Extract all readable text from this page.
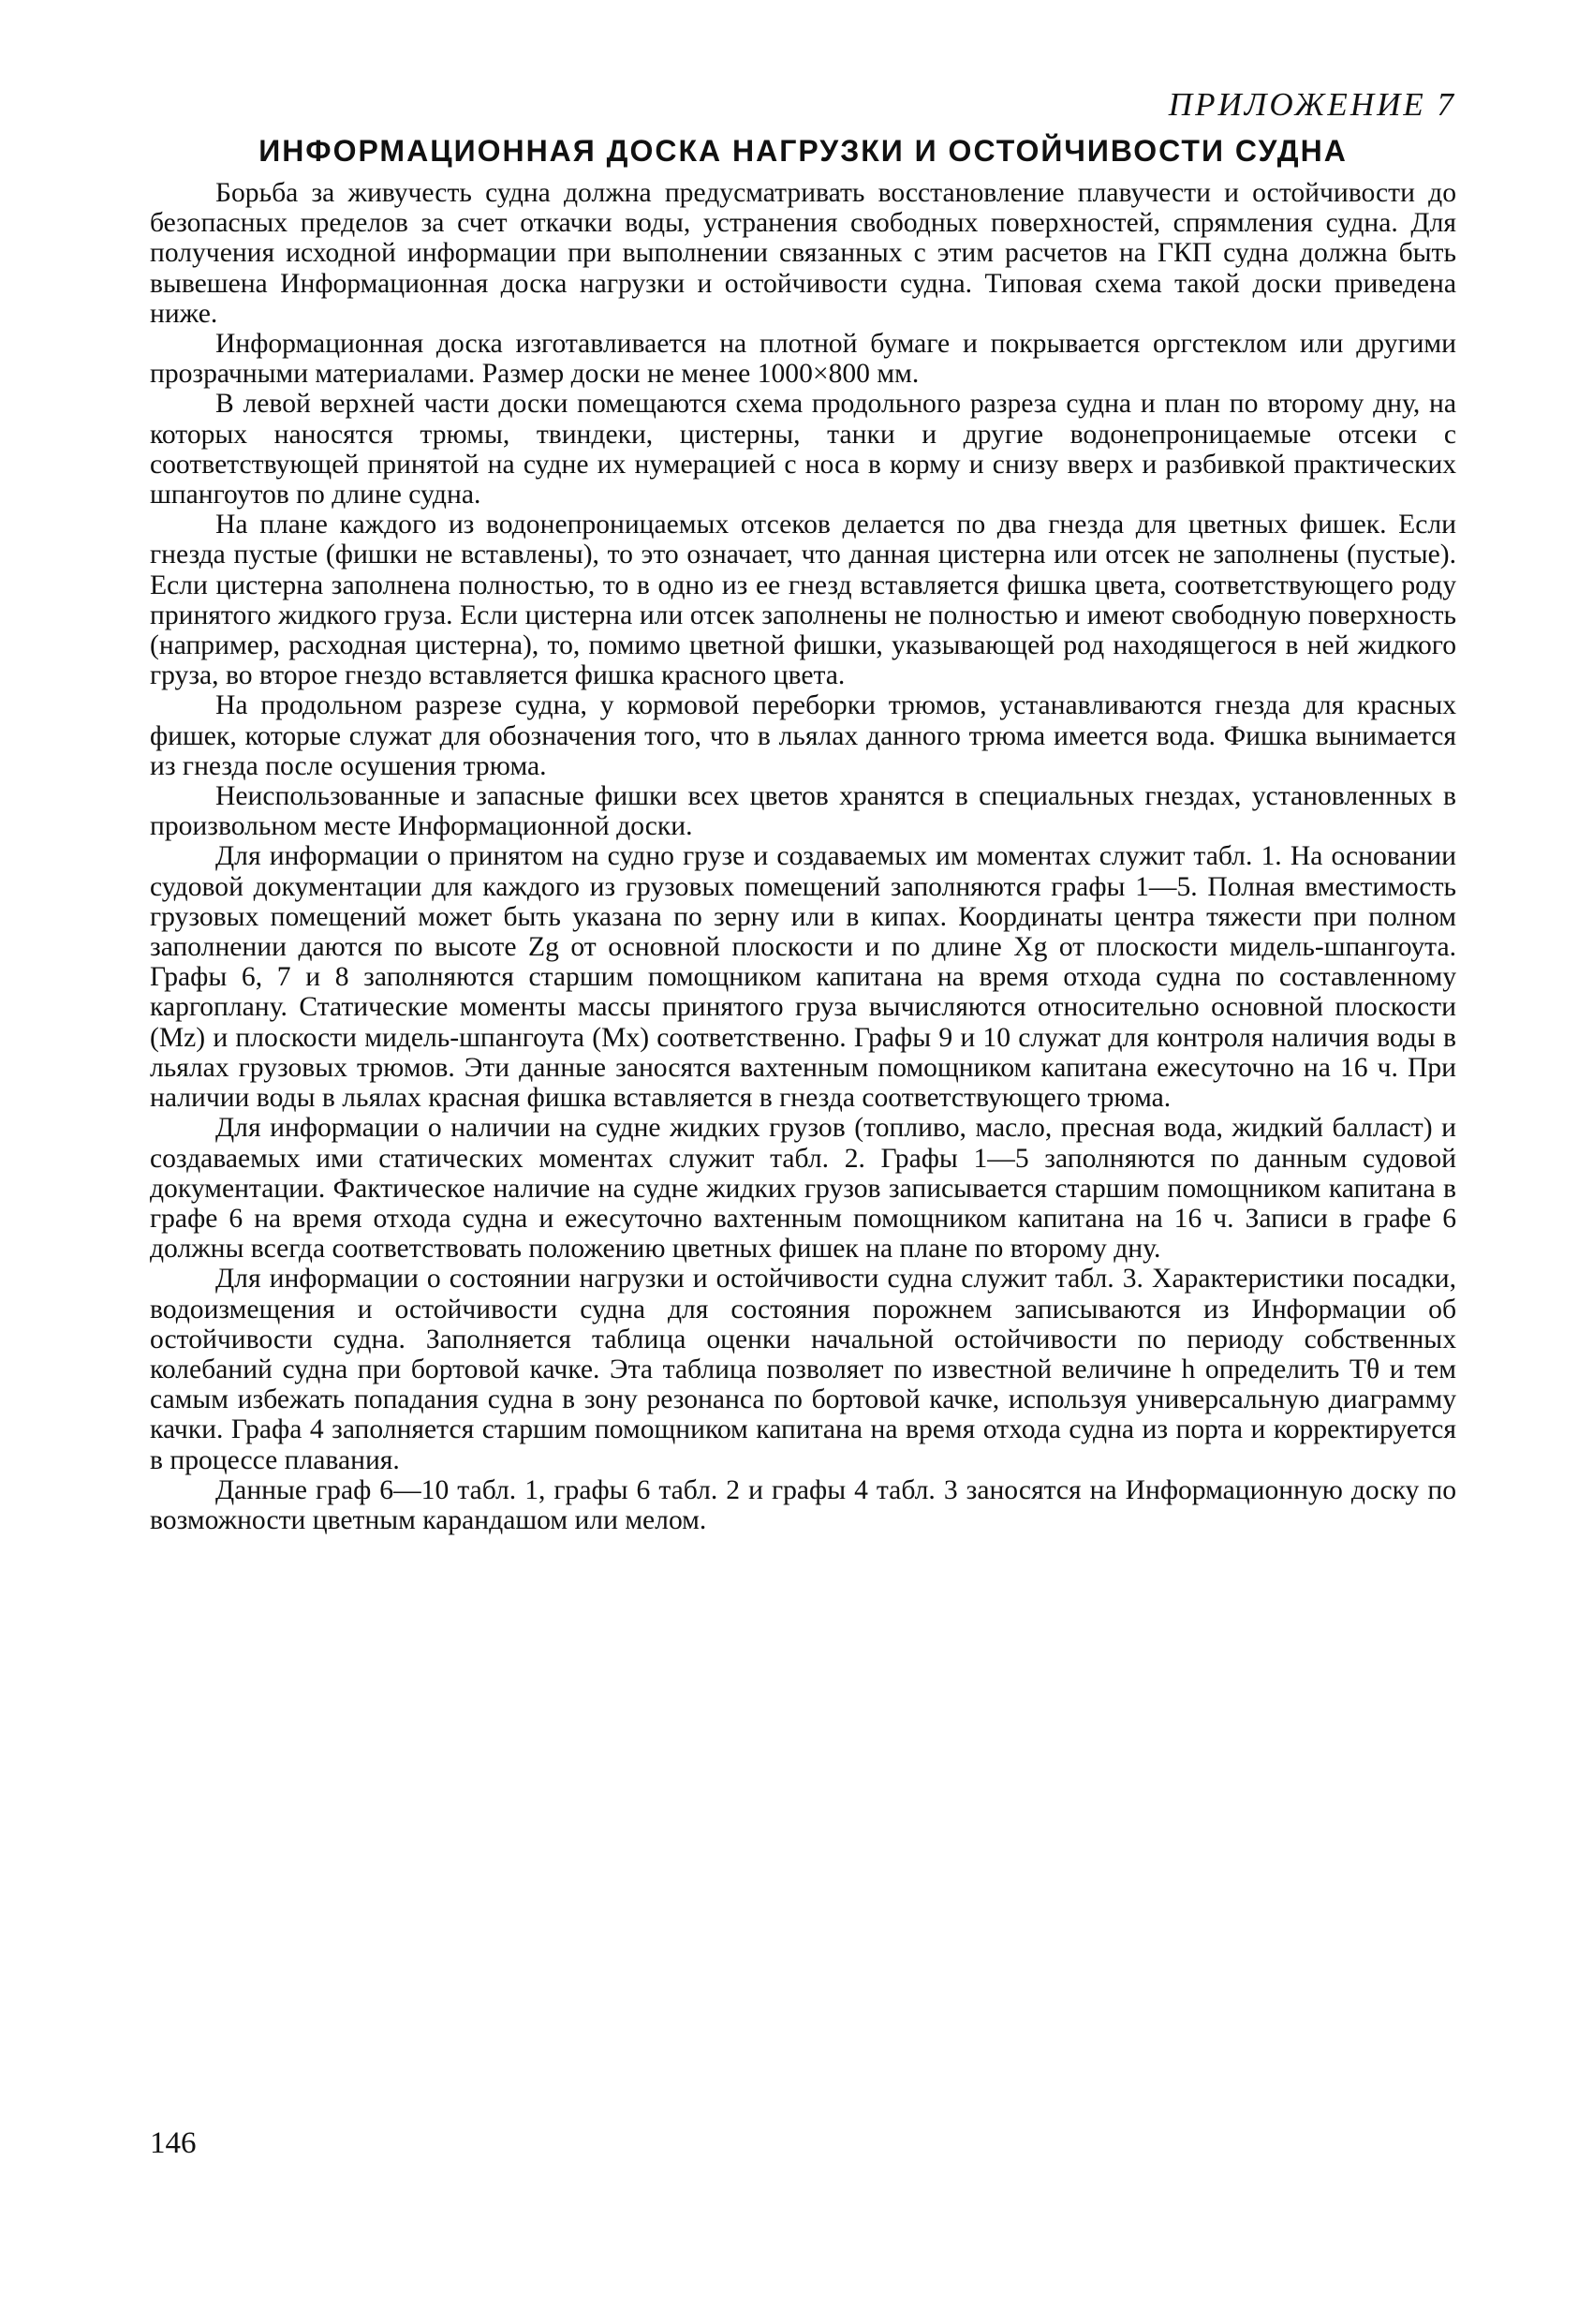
ПРИЛОЖЕНИЕ 7

ИНФОРМАЦИОННАЯ ДОСКА НАГРУЗКИ И ОСТОЙЧИВОСТИ СУДНА

Борьба за живучесть судна должна предусматривать восстановление плавучести и остойчивости до безопасных пределов за счет откачки воды, устранения свободных поверхностей, спрямления судна. Для получения исходной информации при выполнении связанных с этим расчетов на ГКП судна должна быть вывешена Информационная доска нагрузки и остойчивости судна. Типовая схема такой доски приведена ниже.

Информационная доска изготавливается на плотной бумаге и покрывается оргстеклом или другими прозрачными материалами. Размер доски не менее 1000×800 мм.

В левой верхней части доски помещаются схема продольного разреза судна и план по второму дну, на которых наносятся трюмы, твиндеки, цистерны, танки и другие водонепроницаемые отсеки с соответствующей принятой на судне их нумерацией с носа в корму и снизу вверх и разбивкой практических шпангоутов по длине судна.

На плане каждого из водонепроницаемых отсеков делается по два гнезда для цветных фишек. Если гнезда пустые (фишки не вставлены), то это означает, что данная цистерна или отсек не заполнены (пустые). Если цистерна заполнена полностью, то в одно из ее гнезд вставляется фишка цвета, соответствующего роду принятого жидкого груза. Если цистерна или отсек заполнены не полностью и имеют свободную поверхность (например, расходная цистерна), то, помимо цветной фишки, указывающей род находящегося в ней жидкого груза, во второе гнездо вставляется фишка красного цвета.

На продольном разрезе судна, у кормовой переборки трюмов, устанавливаются гнезда для красных фишек, которые служат для обозначения того, что в льялах данного трюма имеется вода. Фишка вынимается из гнезда после осушения трюма.

Неиспользованные и запасные фишки всех цветов хранятся в специальных гнездах, установленных в произвольном месте Информационной доски.

Для информации о принятом на судно грузе и создаваемых им моментах служит табл. 1. На основании судовой документации для каждого из грузовых помещений заполняются графы 1—5. Полная вместимость грузовых помещений может быть указана по зерну или в кипах. Координаты центра тяжести при полном заполнении даются по высоте Zg от основной плоскости и по длине Xg от плоскости мидель-шпангоута. Графы 6, 7 и 8 заполняются старшим помощником капитана на время отхода судна по составленному каргоплану. Статические моменты массы принятого груза вычисляются относительно основной плоскости (Mz) и плоскости мидель-шпангоута (Mx) соответственно. Графы 9 и 10 служат для контроля наличия воды в льялах грузовых трюмов. Эти данные заносятся вахтенным помощником капитана ежесуточно на 16 ч. При наличии воды в льялах красная фишка вставляется в гнезда соответствующего трюма.

Для информации о наличии на судне жидких грузов (топливо, масло, пресная вода, жидкий балласт) и создаваемых ими статических моментах служит табл. 2. Графы 1—5 заполняются по данным судовой документации. Фактическое наличие на судне жидких грузов записывается старшим помощником капитана в графе 6 на время отхода судна и ежесуточно вахтенным помощником капитана на 16 ч. Записи в графе 6 должны всегда соответствовать положению цветных фишек на плане по второму дну.

Для информации о состоянии нагрузки и остойчивости судна служит табл. 3. Характеристики посадки, водоизмещения и остойчивости судна для состояния порожнем записываются из Информации об остойчивости судна. Заполняется таблица оценки начальной остойчивости по периоду собственных колебаний судна при бортовой качке. Эта таблица позволяет по известной величине h определить Tθ и тем самым избежать попадания судна в зону резонанса по бортовой качке, используя универсальную диаграмму качки. Графа 4 заполняется старшим помощником капитана на время отхода судна из порта и корректируется в процессе плавания.

Данные граф 6—10 табл. 1, графы 6 табл. 2 и графы 4 табл. 3 заносятся на Информационную доску по возможности цветным карандашом или мелом.

146
